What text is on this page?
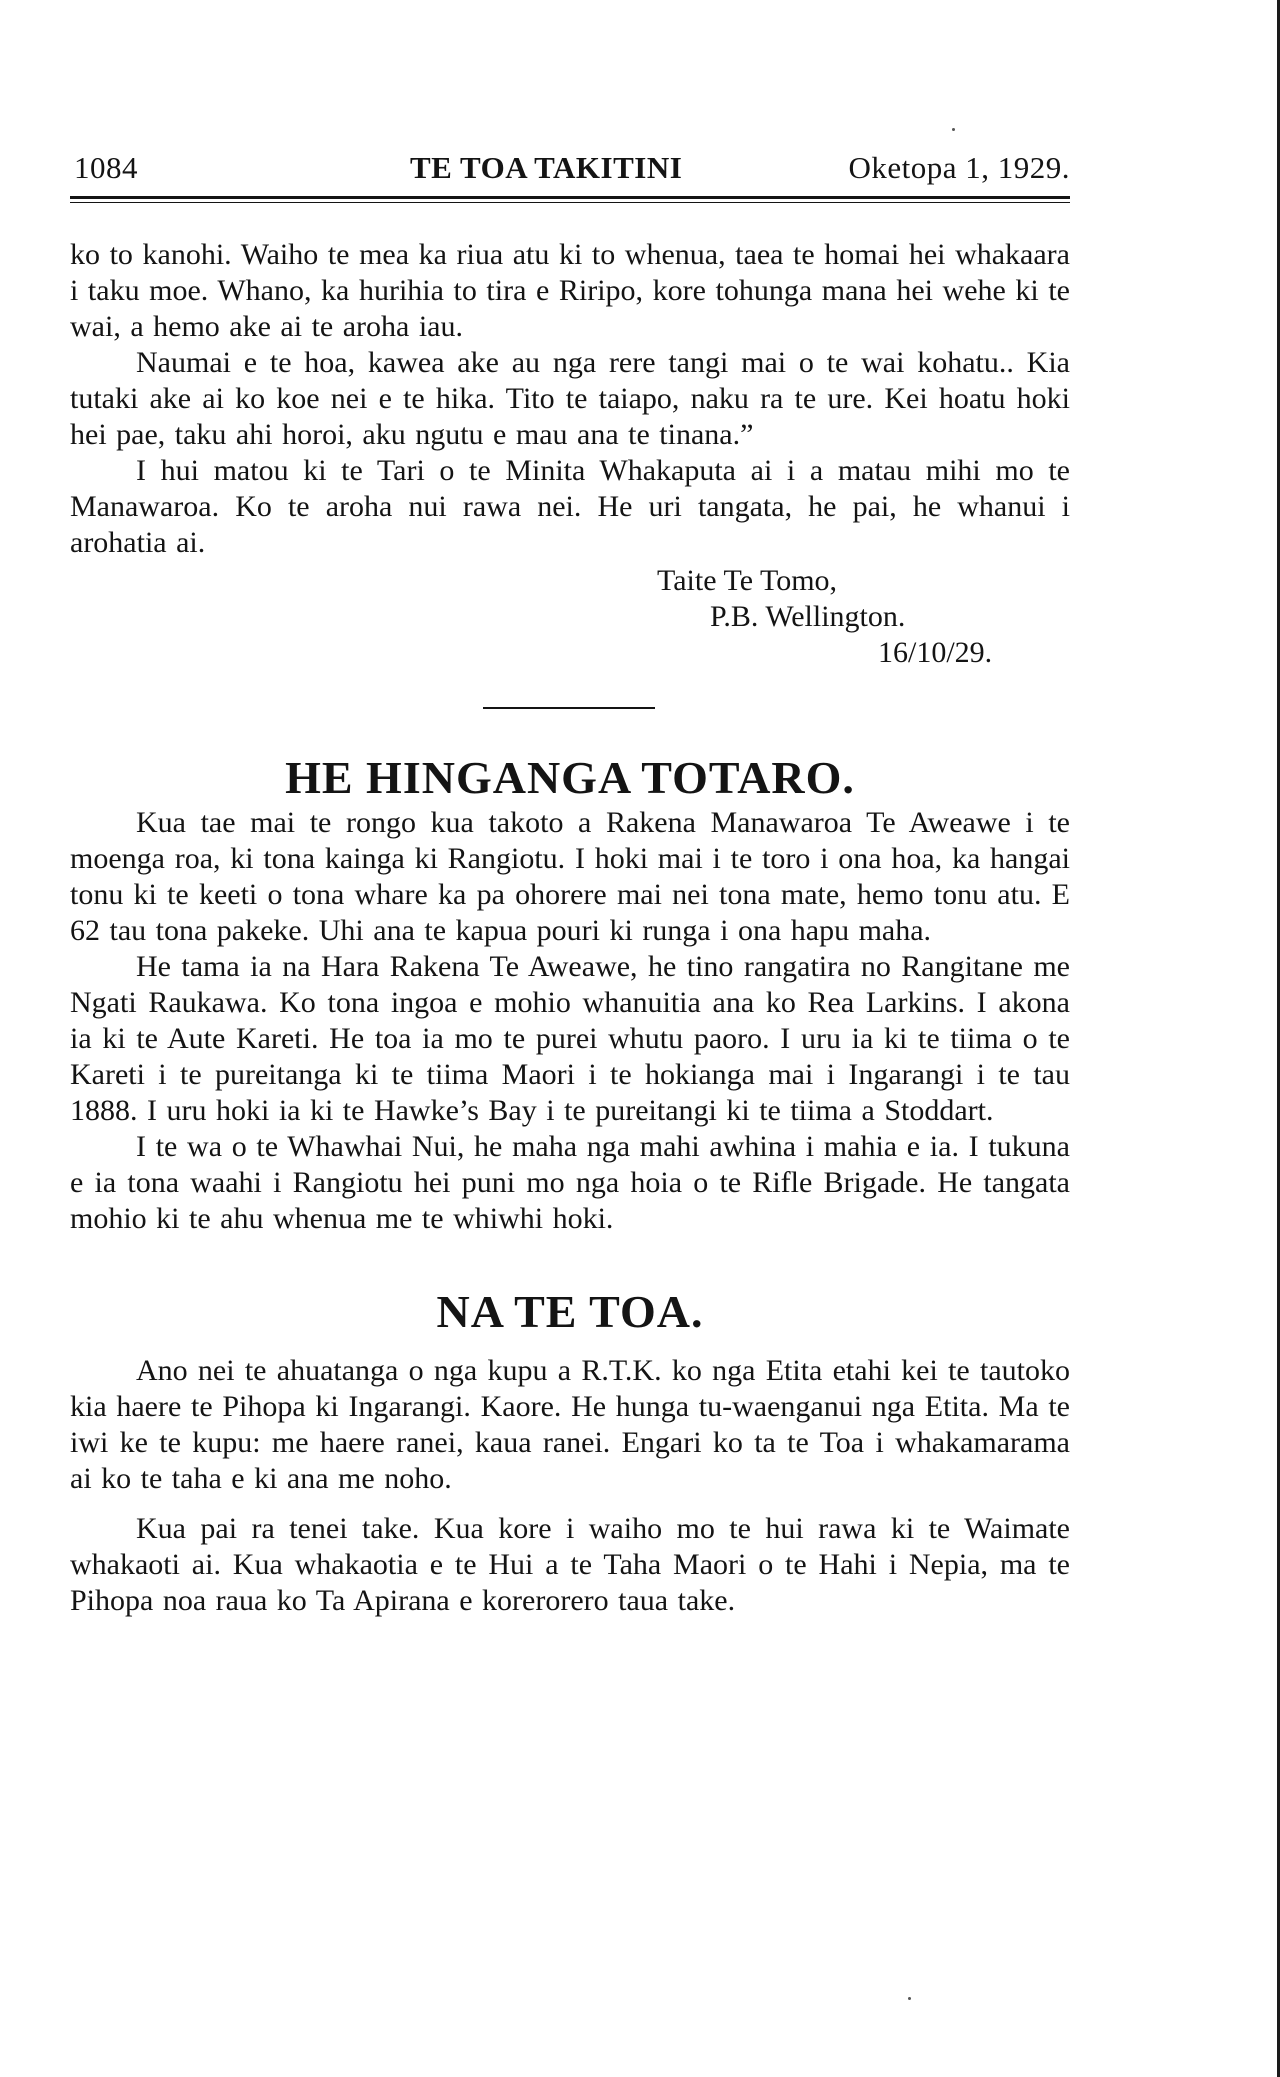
1084	TE TOA TAKITINI	Oketopa 1, 1929.

ko to kanohi. Waiho te mea ka riua atu ki to whenua, taea te homai hei whakaara i taku moe. Whano, ka hurihia to tira e Riripo, kore tohunga mana hei wehe ki te wai, a hemo ake ai te aroha iau.

Naumai e te hoa, kawea ake au nga rere tangi mai o te wai kohatu.. Kia tutaki ake ai ko koe nei e te hika. Tito te taiapo, naku ra te ure. Kei hoatu hoki hei pae, taku ahi horoi, aku ngutu e mau ana te tinana.”

I hui matou ki te Tari o te Minita Whakaputa ai i a matau mihi mo te Manawaroa. Ko te aroha nui rawa nei. He uri tangata, he pai, he whanui i arohatia ai.

Taite Te Tomo,
P.B. Wellington.
16/10/29.
HE HINGANGA TOTARO.

Kua tae mai te rongo kua takoto a Rakena Manawaroa Te Aweawe i te moenga roa, ki tona kainga ki Rangiotu. I hoki mai i te toro i ona hoa, ka hangai tonu ki te keeti o tona whare ka pa ohorere mai nei tona mate, hemo tonu atu. E 62 tau tona pakeke. Uhi ana te kapua pouri ki runga i ona hapu maha.

He tama ia na Hara Rakena Te Aweawe, he tino rangatira no Rangitane me Ngati Raukawa. Ko tona ingoa e mohio whanuitia ana ko Rea Larkins. I akona ia ki te Aute Kareti. He toa ia mo te purei whutu paoro. I uru ia ki te tiima o te Kareti i te pureitanga ki te tiima Maori i te hokianga mai i Ingarangi i te tau 1888. I uru hoki ia ki te Hawke’s Bay i te pureitangi ki te tiima a Stoddart.

I te wa o te Whawhai Nui, he maha nga mahi awhina i mahia e ia. I tukuna e ia tona waahi i Rangiotu hei puni mo nga hoia o te Rifle Brigade. He tangata mohio ki te ahu whenua me te whiwhi hoki.

NA TE TOA.

Ano nei te ahuatanga o nga kupu a R.T.K. ko nga Etita etahi kei te tautoko kia haere te Pihopa ki Ingarangi. Kaore. He hunga tu-waenganui nga Etita. Ma te iwi ke te kupu: me haere ranei, kaua ranei. Engari ko ta te Toa i whakamarama ai ko te taha e ki ana me noho.

Kua pai ra tenei take. Kua kore i waiho mo te hui rawa ki te Waimate whakaoti ai. Kua whakaotia e te Hui a te Taha Maori o te Hahi i Nepia, ma te Pihopa noa raua ko Ta Apirana e korerorero taua take.
